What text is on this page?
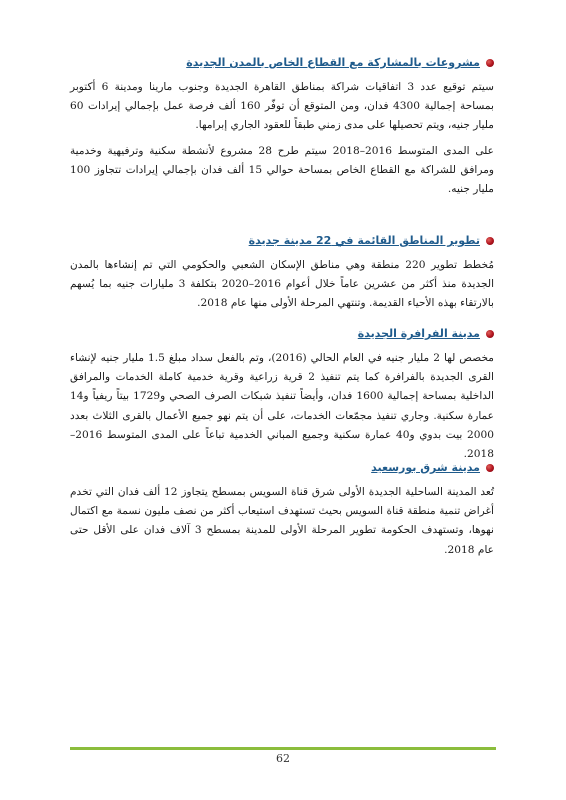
مشروعات بالمشاركة مع القطاع الخاص بالمدن الجديدة

سيتم توقيع عدد 3 اتفاقيات شراكة بمناطق القاهرة الجديدة وجنوب مارينا ومدينة 6 أكتوبر بمساحة إجمالية 4300 فدان، ومن المتوقع أن توفّر 160 ألف فرصة عمل بإجمالي إيرادات 60 مليار جنيه، ويتم تحصيلها على مدى زمني طبقاً للعقود الجاري إبرامها.

على المدى المتوسط 2016–2018 سيتم طرح 28 مشروع لأنشطة سكنية وترفيهية وخدمية ومرافق للشراكة مع القطاع الخاص بمساحة حوالي 15 ألف فدان بإجمالي إيرادات تتجاوز 100 مليار جنيه.

تطوير المناطق القائمة في 22 مدينة جديدة

مُخطط تطوير 220 منطقة وهي مناطق الإسكان الشعبي والحكومي التي تم إنشاءها بالمدن الجديدة منذ أكثر من عشرين عاماً خلال أعوام 2016–2020 بتكلفة 3 مليارات جنيه بما يُسهم بالارتقاء بهذه الأحياء القديمة. وتنتهي المرحلة الأولى منها عام 2018.

مدينة الفرافرة الجديدة

مخصص لها 2 مليار جنيه في العام الحالي (2016)، وتم بالفعل سداد مبلغ 1.5 مليار جنيه لإنشاء القرى الجديدة بالفرافرة كما يتم تنفيذ 2 قرية زراعية وقرية خدمية كاملة الخدمات والمرافق الداخلية بمساحة إجمالية 1600 فدان، وأيضاً تنفيذ شبكات الصرف الصحي و1729 بيتاً ريفياً و14 عمارة سكنية. وجاري تنفيذ مجمّعات الخدمات، على أن يتم نهو جميع الأعمال بالقرى الثلاث بعدد 2000 بيت بدوي و40 عمارة سكنية وجميع المباني الخدمية تباعاً على المدى المتوسط 2016–2018.

مدينة شرق بورسعيد

تُعد المدينة الساحلية الجديدة الأولى شرق قناة السويس بمسطح يتجاوز 12 ألف فدان التي تخدم أغراض تنمية منطقة قناة السويس بحيث تستهدف استيعاب أكثر من نصف مليون نسمة مع اكتمال نهوها، وتستهدف الحكومة تطوير المرحلة الأولى للمدينة بمسطح 3 آلاف فدان على الأقل حتى عام 2018.

62
